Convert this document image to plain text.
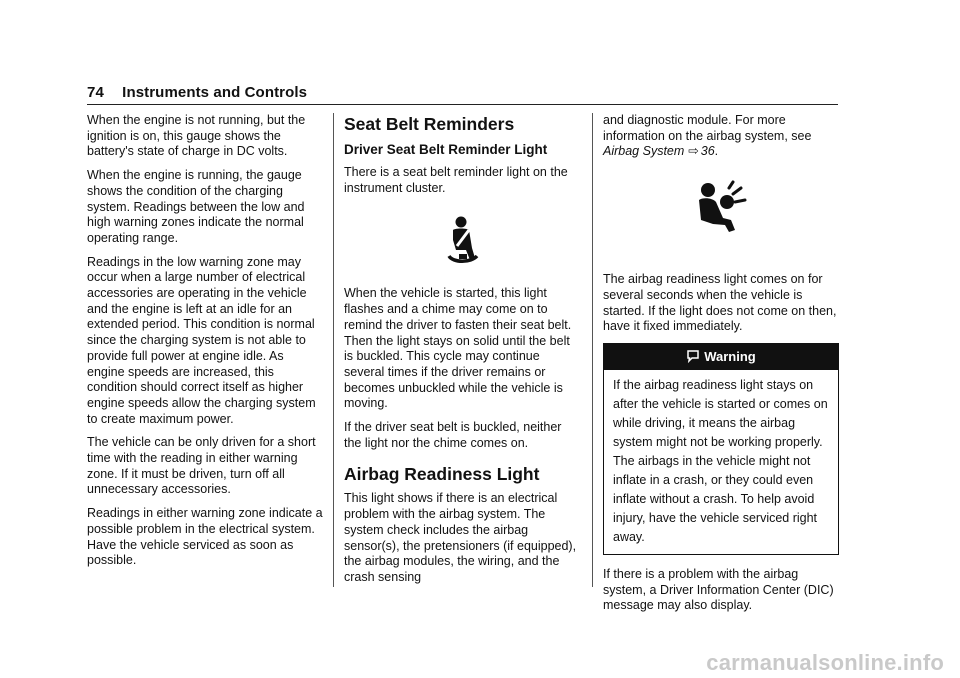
74 Instruments and Controls

When the engine is not running, but the ignition is on, this gauge shows the battery's state of charge in DC volts.

When the engine is running, the gauge shows the condition of the charging system. Readings between the low and high warning zones indicate the normal operating range.

Readings in the low warning zone may occur when a large number of electrical accessories are operating in the vehicle and the engine is left at an idle for an extended period. This condition is normal since the charging system is not able to provide full power at engine idle. As engine speeds are increased, this condition should correct itself as higher engine speeds allow the charging system to create maximum power.

The vehicle can be only driven for a short time with the reading in either warning zone. If it must be driven, turn off all unnecessary accessories.

Readings in either warning zone indicate a possible problem in the electrical system. Have the vehicle serviced as soon as possible.

Seat Belt Reminders
Driver Seat Belt Reminder Light

There is a seat belt reminder light on the instrument cluster.

When the vehicle is started, this light flashes and a chime may come on to remind the driver to fasten their seat belt. Then the light stays on solid until the belt is buckled. This cycle may continue several times if the driver remains or becomes unbuckled while the vehicle is moving.

If the driver seat belt is buckled, neither the light nor the chime comes on.

Airbag Readiness Light

This light shows if there is an electrical problem with the airbag system. The system check includes the airbag sensor(s), the pretensioners (if equipped), the airbag modules, the wiring, and the crash sensing

and diagnostic module. For more information on the airbag system, see
Airbag System ⇨ 36.

The airbag readiness light comes on for several seconds when the vehicle is started. If the light does not come on then, have it fixed immediately.

Warning
If the airbag readiness light stays on after the vehicle is started or comes on while driving, it means the airbag system might not be working properly. The airbags in the vehicle might not inflate in a crash, or they could even inflate without a crash. To help avoid injury, have the vehicle serviced right away.

If there is a problem with the airbag system, a Driver Information Center (DIC) message may also display.

carmanualsonline.info
